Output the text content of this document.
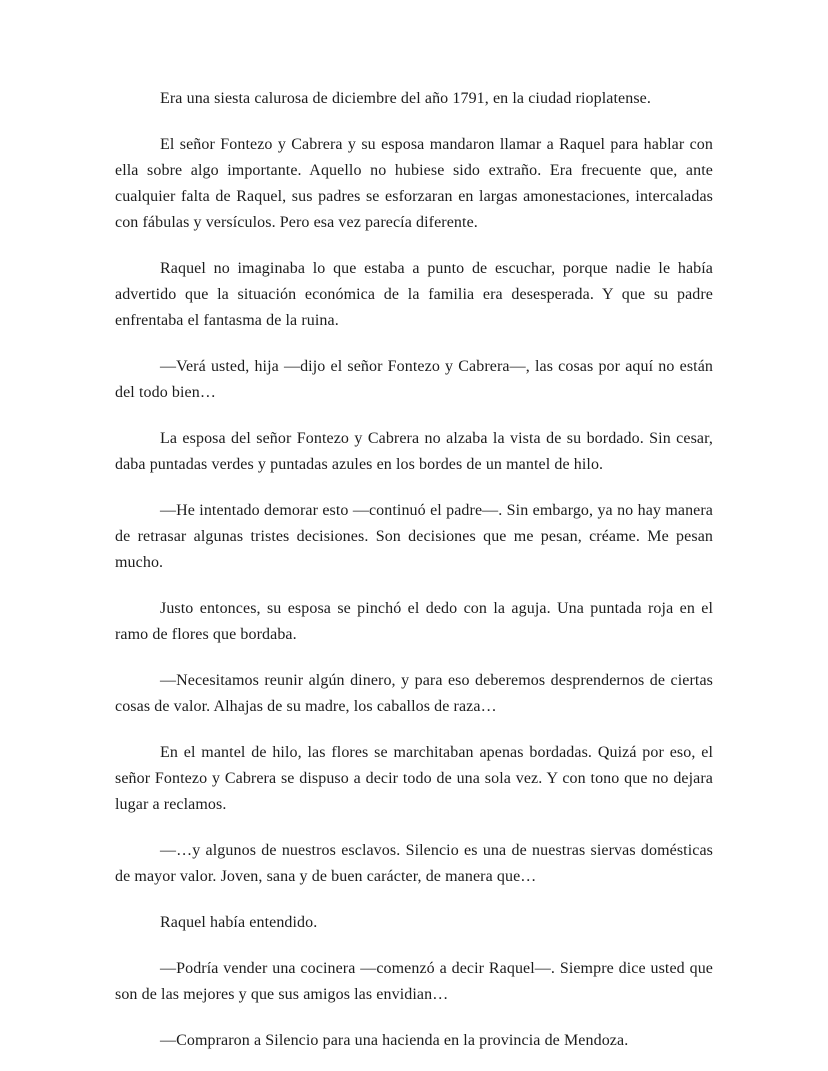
Era una siesta calurosa de diciembre del año 1791, en la ciudad rioplatense.

El señor Fontezo y Cabrera y su esposa mandaron llamar a Raquel para hablar con ella sobre algo importante. Aquello no hubiese sido extraño. Era frecuente que, ante cualquier falta de Raquel, sus padres se esforzaran en largas amonestaciones, intercaladas con fábulas y versículos. Pero esa vez parecía diferente.

Raquel no imaginaba lo que estaba a punto de escuchar, porque nadie le había advertido que la situación económica de la familia era desesperada. Y que su padre enfrentaba el fantasma de la ruina.

—Verá usted, hija —dijo el señor Fontezo y Cabrera—, las cosas por aquí no están del todo bien…

La esposa del señor Fontezo y Cabrera no alzaba la vista de su bordado. Sin cesar, daba puntadas verdes y puntadas azules en los bordes de un mantel de hilo.

—He intentado demorar esto —continuó el padre—. Sin embargo, ya no hay manera de retrasar algunas tristes decisiones. Son decisiones que me pesan, créame. Me pesan mucho.

Justo entonces, su esposa se pinchó el dedo con la aguja. Una puntada roja en el ramo de flores que bordaba.

—Necesitamos reunir algún dinero, y para eso deberemos desprendernos de ciertas cosas de valor. Alhajas de su madre, los caballos de raza…

En el mantel de hilo, las flores se marchitaban apenas bordadas. Quizá por eso, el señor Fontezo y Cabrera se dispuso a decir todo de una sola vez. Y con tono que no dejara lugar a reclamos.

—…y algunos de nuestros esclavos. Silencio es una de nuestras siervas domésticas de mayor valor. Joven, sana y de buen carácter, de manera que…

Raquel había entendido.

—Podría vender una cocinera —comenzó a decir Raquel—. Siempre dice usted que son de las mejores y que sus amigos las envidian…

—Compraron a Silencio para una hacienda en la provincia de Mendoza.
